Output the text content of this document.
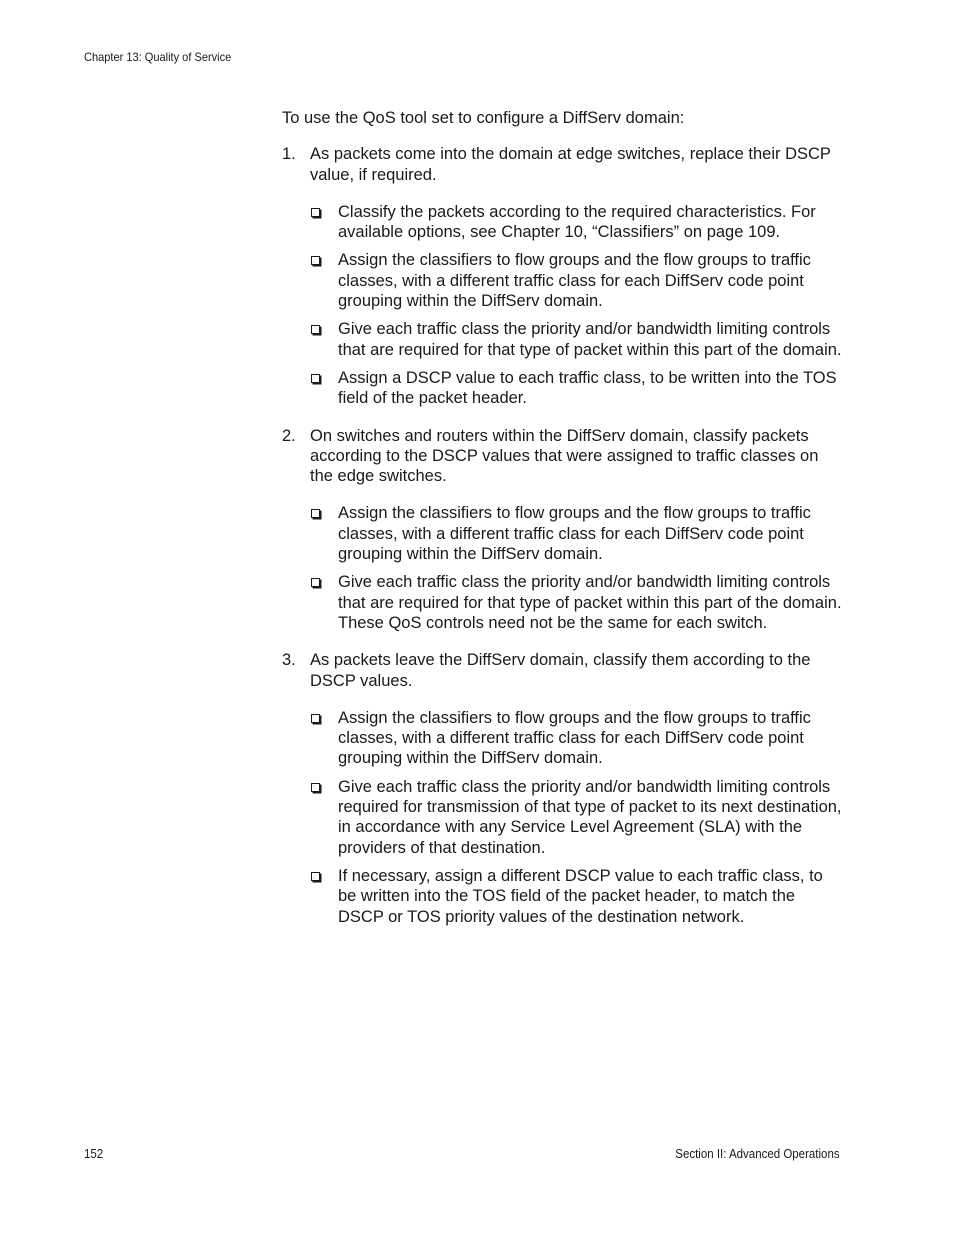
Chapter 13: Quality of Service

To use the QoS tool set to configure a DiffServ domain:

1. As packets come into the domain at edge switches, replace their DSCP value, if required.
Classify the packets according to the required characteristics. For available options, see Chapter 10, “Classifiers” on page 109.
Assign the classifiers to flow groups and the flow groups to traffic classes, with a different traffic class for each DiffServ code point grouping within the DiffServ domain.
Give each traffic class the priority and/or bandwidth limiting controls that are required for that type of packet within this part of the domain.
Assign a DSCP value to each traffic class, to be written into the TOS field of the packet header.
2. On switches and routers within the DiffServ domain, classify packets according to the DSCP values that were assigned to traffic classes on the edge switches.
Assign the classifiers to flow groups and the flow groups to traffic classes, with a different traffic class for each DiffServ code point grouping within the DiffServ domain.
Give each traffic class the priority and/or bandwidth limiting controls that are required for that type of packet within this part of the domain. These QoS controls need not be the same for each switch.
3. As packets leave the DiffServ domain, classify them according to the DSCP values.
Assign the classifiers to flow groups and the flow groups to traffic classes, with a different traffic class for each DiffServ code point grouping within the DiffServ domain.
Give each traffic class the priority and/or bandwidth limiting controls required for transmission of that type of packet to its next destination, in accordance with any Service Level Agreement (SLA) with the providers of that destination.
If necessary, assign a different DSCP value to each traffic class, to be written into the TOS field of the packet header, to match the DSCP or TOS priority values of the destination network.
152	Section II: Advanced Operations
